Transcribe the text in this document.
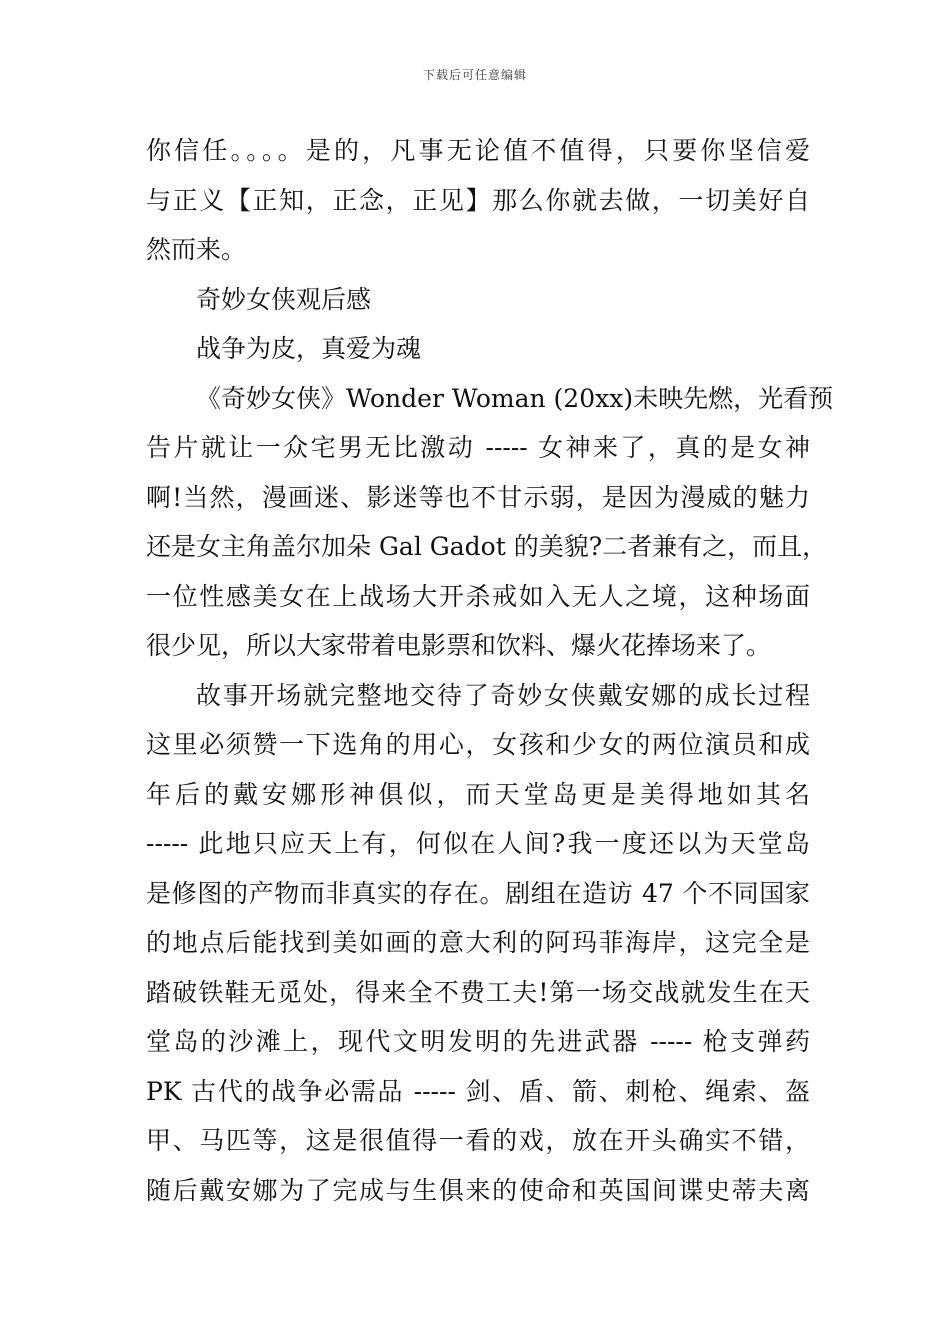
下载后可任意编辑
你信任。。。。是的，凡事无论值不值得，只要你坚信爱
与正义【正知，正念，正见】那么你就去做，一切美好自
然而来。
奇妙女侠观后感
战争为皮，真爱为魂
《奇妙女侠》Wonder Woman (20xx)未映先燃，光看预
告片就让一众宅男无比激动 ----- 女神来了，真的是女神
啊!当然，漫画迷、影迷等也不甘示弱，是因为漫威的魅力
还是女主角盖尔加朵 Gal Gadot 的美貌?二者兼有之，而且，
一位性感美女在上战场大开杀戒如入无人之境，这种场面
很少见，所以大家带着电影票和饮料、爆火花捧场来了。
故事开场就完整地交待了奇妙女侠戴安娜的成长过程
这里必须赞一下选角的用心，女孩和少女的两位演员和成
年后的戴安娜形神俱似，而天堂岛更是美得地如其名
----- 此地只应天上有，何似在人间?我一度还以为天堂岛
是修图的产物而非真实的存在。剧组在造访 47 个不同国家
的地点后能找到美如画的意大利的阿玛菲海岸，这完全是
踏破铁鞋无觅处，得来全不费工夫!第一场交战就发生在天
堂岛的沙滩上，现代文明发明的先进武器 ----- 枪支弹药
PK 古代的战争必需品 ----- 剑、盾、箭、刺枪、绳索、盔
甲、马匹等，这是很值得一看的戏，放在开头确实不错，
随后戴安娜为了完成与生俱来的使命和英国间谍史蒂夫离
